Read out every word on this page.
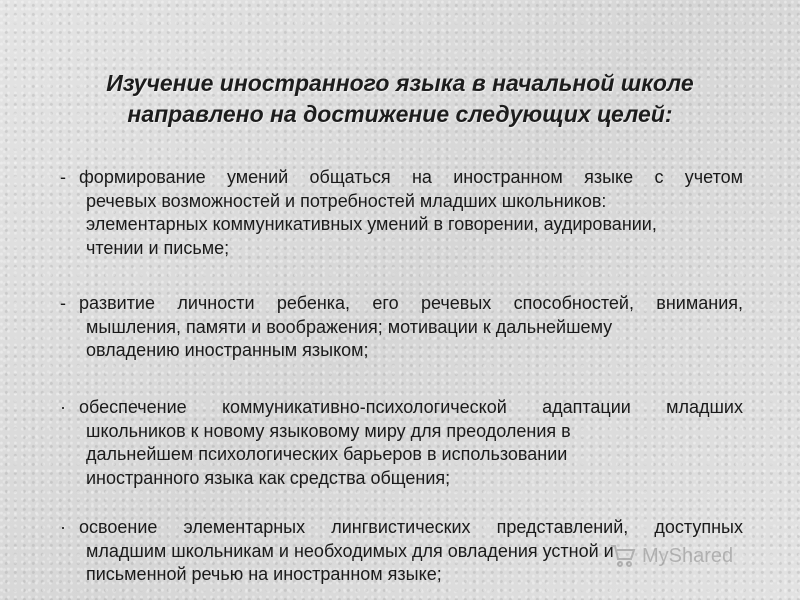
Изучение иностранного языка в начальной школе
направлено на достижение следующих целей:
- формирование умений общаться на иностранном языке с учетом
речевых возможностей и потребностей младших школьников:
элементарных коммуникативных умений в говорении, аудировании,
чтении и письме;
- развитие личности ребенка, его речевых способностей, внимания,
мышления, памяти и воображения; мотивации к дальнейшему
овладению иностранным языком;
· обеспечение коммуникативно-психологической адаптации младших
школьников к новому языковому миру для преодоления в
дальнейшем психологических барьеров в использовании
иностранного языка как средства общения;
· освоение элементарных лингвистических представлений, доступных
младшим школьникам и необходимых для овладения устной и
письменной речью на иностранном языке;
MyShared
